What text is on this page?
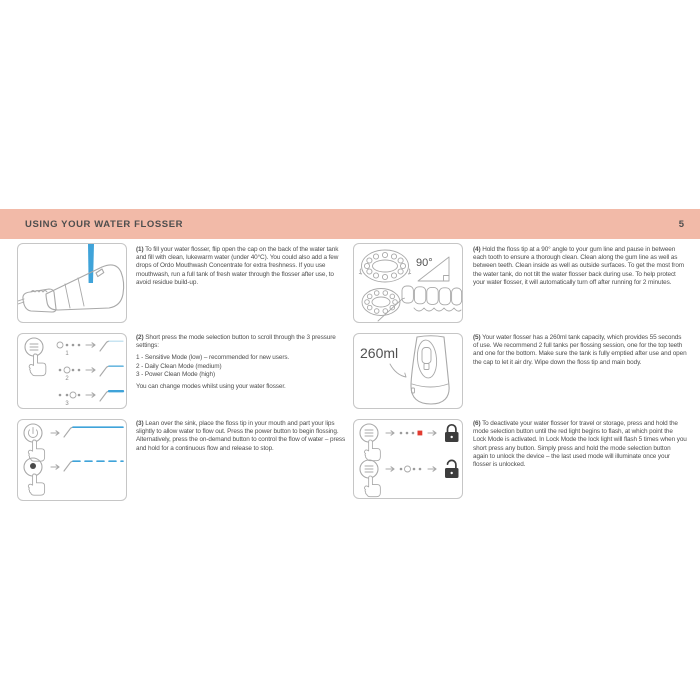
USING YOUR WATER FLOSSER	5
1
2
3
90°
260ml

(1) To fill your water flosser, flip open the cap on the back of the water tank and fill with clean, lukewarm water (under 40°C). You could also add a few drops of Ordo Mouthwash Concentrate for extra freshness. If you use mouthwash, run a full tank of fresh water through the flosser after use, to avoid residue build-up.

(2) Short press the mode selection button to scroll through the 3 pressure settings:

1 - Sensitive Mode (low) – recommended for new users.

2 - Daily Clean Mode (medium)

3 - Power Clean Mode (high)

You can change modes whilst using your water flosser.

(3) Lean over the sink, place the floss tip in your mouth and part your lips slightly to allow water to flow out. Press the power button to begin flossing. Alternatively, press the on-demand button to control the flow of water – press and hold for a continuous flow and release to stop.

(4) Hold the floss tip at a 90° angle to your gum line and pause in between each tooth to ensure a thorough clean. Clean along the gum line as well as between teeth. Clean inside as well as outside surfaces. To get the most from the water tank, do not tilt the water flosser back during use. To help protect your water flosser, it will automatically turn off after running for 2 minutes.

(5) Your water flosser has a 260ml tank capacity, which provides 55 seconds of use. We recommend 2 full tanks per flossing session, one for the top teeth and one for the bottom. Make sure the tank is fully emptied after use and open the cap to let it air dry. Wipe down the floss tip and main body.

(6) To deactivate your water flosser for travel or storage, press and hold the mode selection button until the red light begins to flash, at which point the Lock Mode is activated. In Lock Mode the lock light will flash 5 times when you short press any button. Simply press and hold the mode selection button again to unlock the device – the last used mode will illuminate once your flosser is unlocked.
